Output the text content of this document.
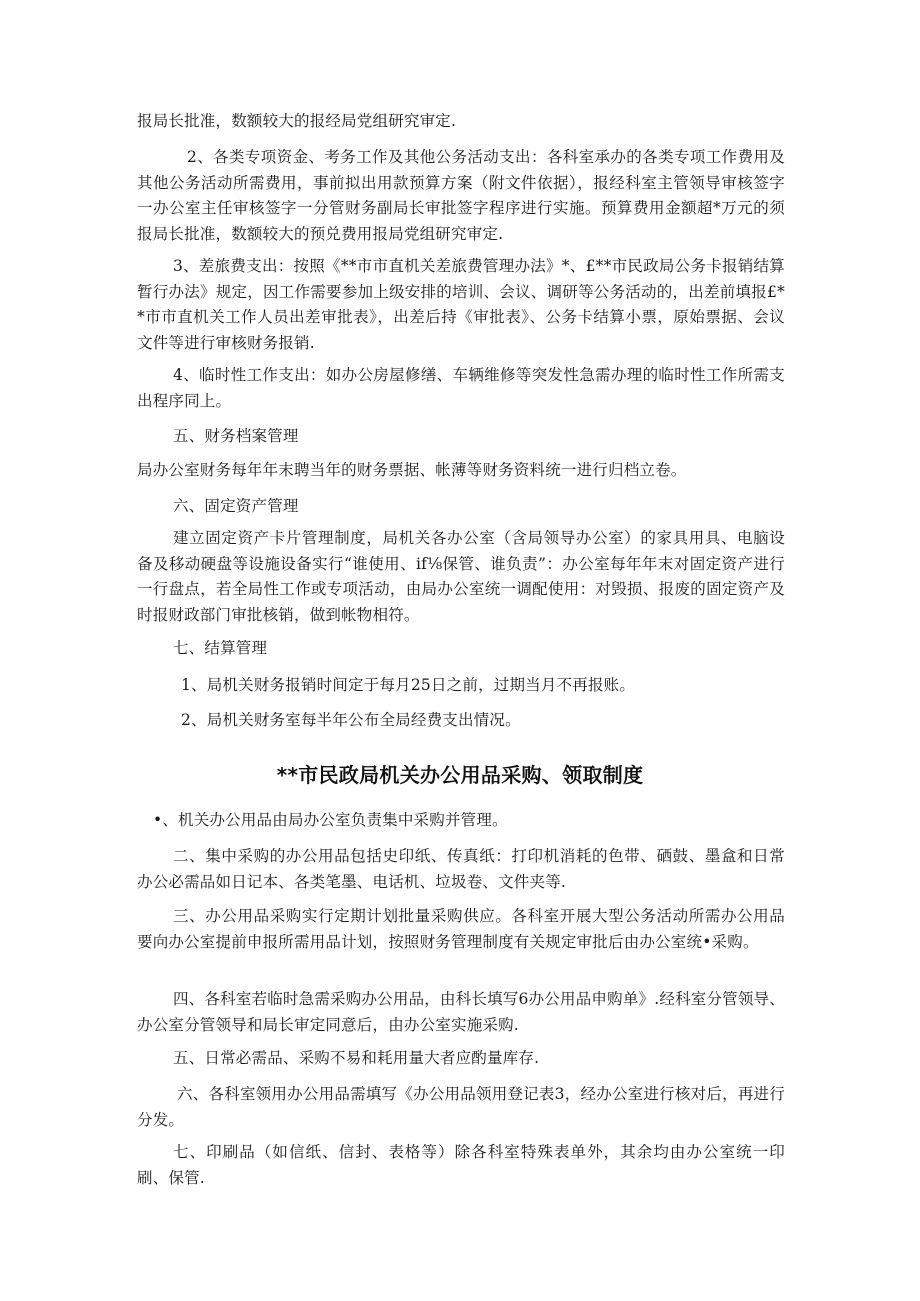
报局长批准，数额较大的报经局党组研究审定.

2、各类专项资金、考务工作及其他公务活动支出：各科室承办的各类专项工作费用及其他公务活动所需费用，事前拟出用款预算方案（附文件依据），报经科室主管领导审核签字一办公室主任审核签字一分管财务副局长审批签字程序进行实施。预算费用金额超*万元的须报局长批准，数额较大的预兑费用报局党组研究审定.

3、差旅费支出：按照《**市市直机关差旅费管理办法》*、£**市民政局公务卡报销结算暂行办法》规定，因工作需要参加上级安排的培训、会议、调研等公务活动的，出差前填报£**市市直机关工作人员出差审批表》，出差后持《审批表》、公务卡结算小票，原始票据、会议文件等进行审核财务报销.

4、临时性工作支出：如办公房屋修缮、车辆维修等突发性急需办理的临时性工作所需支出程序同上。

五、财务档案管理

局办公室财务每年年末聘当年的财务票据、帐薄等财务资料统一进行归档立卷。

六、固定资产管理

建立固定资产卡片管理制度，局机关各办公室（含局领导办公室）的家具用具、电脑设备及移动硬盘等设施设备实行“谁使用、if⅛保管、谁负责”：办公室每年年末对固定资产进行一行盘点，若全局性工作或专项活动，由局办公室统一调配使用：对毁损、报废的固定资产及时报财政部门审批核销，做到帐物相符。

七、结算管理

1、局机关财务报销时间定于每月25日之前，过期当月不再报账。

2、局机关财务室每半年公布全局经费支出情况。

**市民政局机关办公用品采购、领取制度

•、机关办公用品由局办公室负责集中采购并管理。

二、集中采购的办公用品包括史印纸、传真纸：打印机消耗的色带、硒鼓、墨盒和日常办公必需品如日记本、各类笔墨、电话机、垃圾卷、文件夹等.

三、办公用品采购实行定期计划批量采购供应。各科室开展大型公务活动所需办公用品要向办公室提前申报所需用品计划，按照财务管理制度有关规定审批后由办公室统•采购。

四、各科室若临时急需采购办公用品，由科长填写6办公用品申购单》.经科室分管领导、办公室分管领导和局长审定同意后，由办公室实施采购.

五、日常必需品、采购不易和耗用量大者应酌量库存.

六、各科室领用办公用品需填写《办公用品领用登记表3，经办公室进行核对后，再进行分发。

七、印刷品（如信纸、信封、表格等）除各科室特殊表单外，其余均由办公室统一印刷、保管.
